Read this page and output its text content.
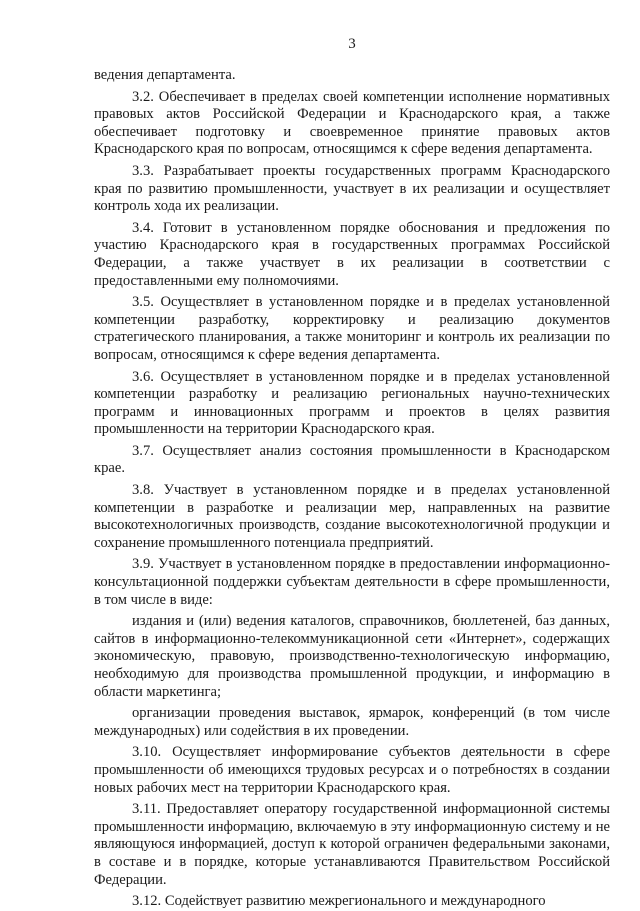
3

ведения департамента.

3.2. Обеспечивает в пределах своей компетенции исполнение нормативных правовых актов Российской Федерации и Краснодарского края, а также обеспечивает подготовку и своевременное принятие правовых актов Краснодарского края по вопросам, относящимся к сфере ведения департамента.

3.3. Разрабатывает проекты государственных программ Краснодарского края по развитию промышленности, участвует в их реализации и осуществляет контроль хода их реализации.

3.4. Готовит в установленном порядке обоснования и предложения по участию Краснодарского края в государственных программах Российской Федерации, а также участвует в их реализации в соответствии с предоставленными ему полномочиями.

3.5. Осуществляет в установленном порядке и в пределах установленной компетенции разработку, корректировку и реализацию документов стратегического планирования, а также мониторинг и контроль их реализации по вопросам, относящимся к сфере ведения департамента.

3.6. Осуществляет в установленном порядке и в пределах установленной компетенции разработку и реализацию региональных научно-технических программ и инновационных программ и проектов в целях развития промышленности на территории Краснодарского края.

3.7. Осуществляет анализ состояния промышленности в Краснодарском крае.

3.8. Участвует в установленном порядке и в пределах установленной компетенции в разработке и реализации мер, направленных на развитие высокотехнологичных производств, создание высокотехнологичной продукции и сохранение промышленного потенциала предприятий.

3.9. Участвует в установленном порядке в предоставлении информационно-консультационной поддержки субъектам деятельности в сфере промышленности, в том числе в виде:

издания и (или) ведения каталогов, справочников, бюллетеней, баз данных, сайтов в информационно-телекоммуникационной сети «Интернет», содержащих экономическую, правовую, производственно-технологическую информацию, необходимую для производства промышленной продукции, и информацию в области маркетинга;

организации проведения выставок, ярмарок, конференций (в том числе международных) или содействия в их проведении.

3.10. Осуществляет информирование субъектов деятельности в сфере промышленности об имеющихся трудовых ресурсах и о потребностях в создании новых рабочих мест на территории Краснодарского края.

3.11. Предоставляет оператору государственной информационной системы промышленности информацию, включаемую в эту информационную систему и не являющуюся информацией, доступ к которой ограничен федеральными законами, в составе и в порядке, которые устанавливаются Правительством Российской Федерации.

3.12. Содействует развитию межрегионального и международного
